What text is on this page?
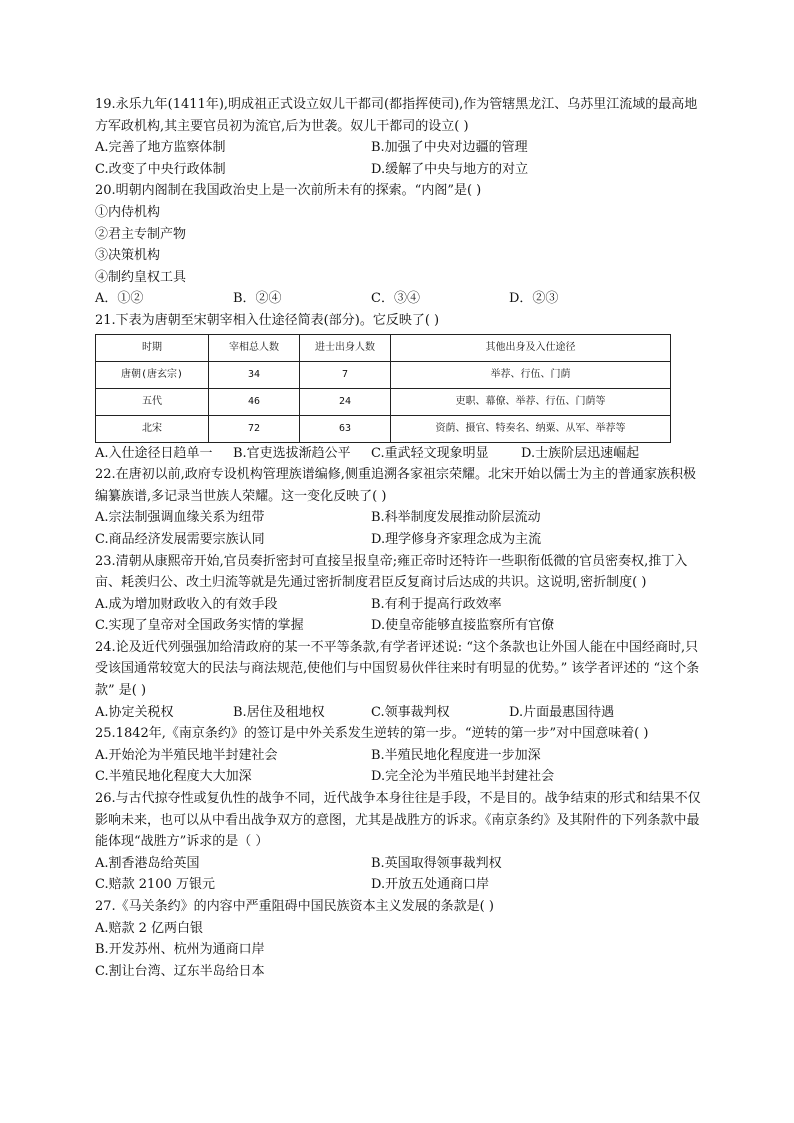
19.永乐九年(1411年),明成祖正式设立奴儿干都司(都指挥使司),作为管辖黑龙江、乌苏里江流域的最高地方军政机构,其主要官员初为流官,后为世袭。奴儿干都司的设立( )
A.完善了地方监察体制	B.加强了中央对边疆的管理
C.改变了中央行政体制	D.缓解了中央与地方的对立
20.明朝内阁制在我国政治史上是一次前所未有的探索。“内阁”是( )
①内侍机构
②君主专制产物
③决策机构
④制约皇权工具
A．①②	B．②④	C．③④	D．②③
21.下表为唐朝至宋朝宰相入仕途径简表(部分)。它反映了( )
时期	宰相总人数	进士出身人数	其他出身及入仕途径
唐朝(唐玄宗)	34	7	举荐、行伍、门荫
五代	46	24	吏职、幕僚、举荐、行伍、门荫等
北宋	72	63	资荫、摄官、特奏名、纳粟、从军、举荐等
A.入仕途径日趋单一	B.官吏选拔渐趋公平	C.重武轻文现象明显	D.士族阶层迅速崛起
22.在唐初以前,政府专设机构管理族谱编修,侧重追溯各家祖宗荣耀。北宋开始以儒士为主的普通家族积极编纂族谱,多记录当世族人荣耀。这一变化反映了( )
A.宗法制强调血缘关系为纽带	B.科举制度发展推动阶层流动
C.商品经济发展需要宗族认同	D.理学修身齐家理念成为主流
23.清朝从康熙帝开始,官员奏折密封可直接呈报皇帝;雍正帝时还特许一些职衔低微的官员密奏权,推丁入亩、耗羡归公、改土归流等就是先通过密折制度君臣反复商讨后达成的共识。这说明,密折制度( )
A.成为增加财政收入的有效手段	B.有利于提高行政效率
C.实现了皇帝对全国政务实情的掌握	D.使皇帝能够直接监察所有官僚
24.论及近代列强强加给清政府的某一不平等条款,有学者评述说: “这个条款也让外国人能在中国经商时,只受该国通常较宽大的民法与商法规范,使他们与中国贸易伙伴往来时有明显的优势。” 该学者评述的 “这个条款” 是( )
A.协定关税权	B.居住及租地权	C.领事裁判权	D.片面最惠国待遇
25.1842年,《南京条约》的签订是中外关系发生逆转的第一步。“逆转的第一步”对中国意味着( )
A.开始沦为半殖民地半封建社会	B.半殖民地化程度进一步加深
C.半殖民地化程度大大加深	D.完全沦为半殖民地半封建社会
26.与古代掠夺性或复仇性的战争不同，近代战争本身往往是手段，不是目的。战争结束的形式和结果不仅影响未来，也可以从中看出战争双方的意图，尤其是战胜方的诉求。《南京条约》及其附件的下列条款中最能体现“战胜方”诉求的是（ ）
A.割香港岛给英国	B.英国取得领事裁判权
C.赔款 2100 万银元	D.开放五处通商口岸
27.《马关条约》的内容中严重阻碍中国民族资本主义发展的条款是( )
A.赔款 2 亿两白银
B.开发苏州、杭州为通商口岸
C.割让台湾、辽东半岛给日本
